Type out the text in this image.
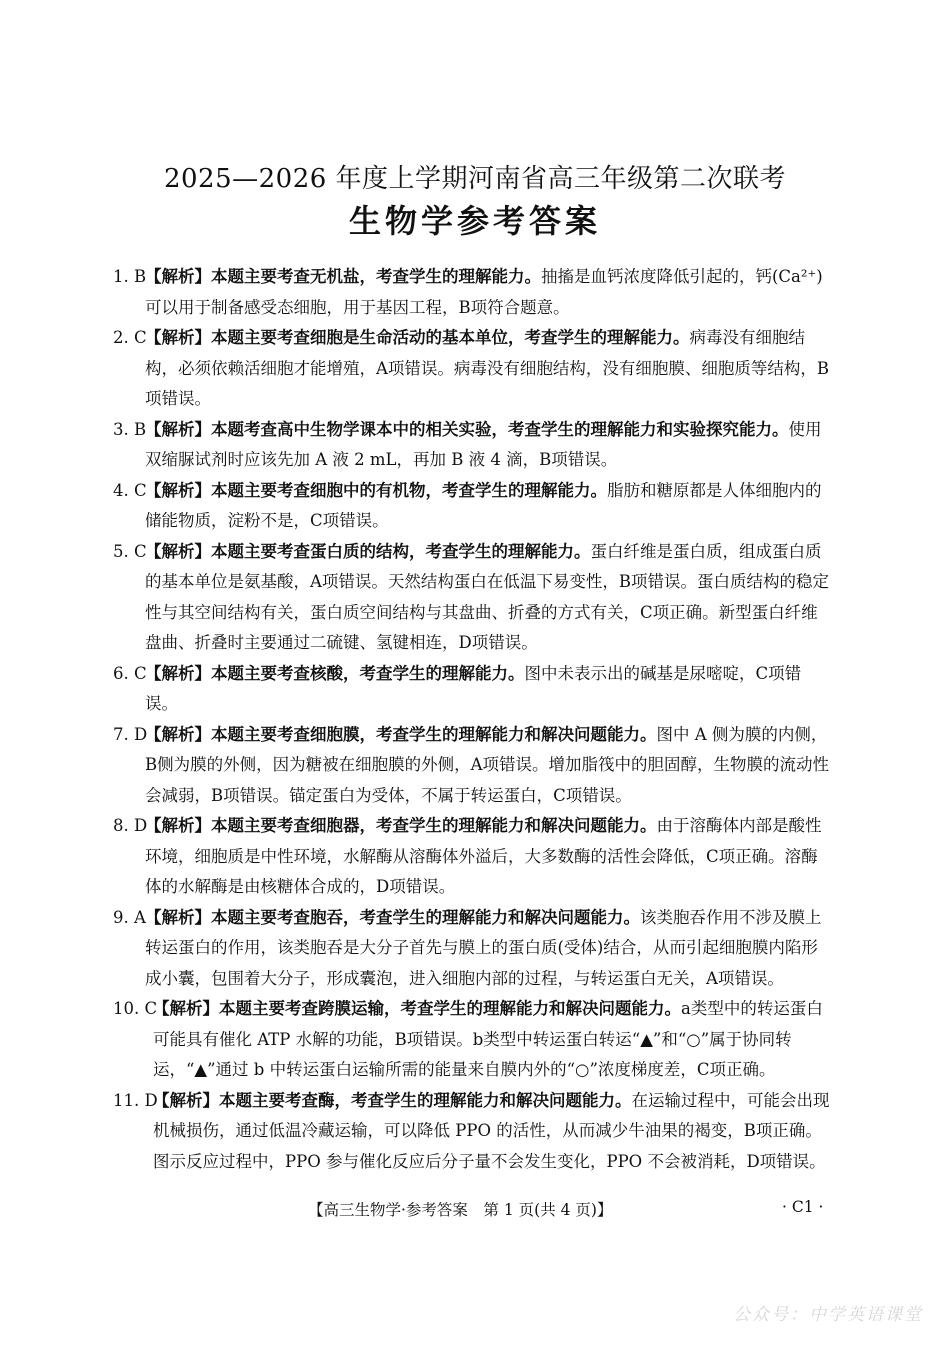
2025—2026 年度上学期河南省高三年级第二次联考
生物学参考答案
1. B
【解析】本题主要考查无机盐，考查学生的理解能力。抽搐是血钙浓度降低引起的，钙(Ca²⁺)可以用于制备感受态细胞，用于基因工程，B项符合题意。
2. C
【解析】本题主要考查细胞是生命活动的基本单位，考查学生的理解能力。病毒没有细胞结构，必须依赖活细胞才能增殖，A项错误。病毒没有细胞结构，没有细胞膜、细胞质等结构，B项错误。
3. B
【解析】本题考查高中生物学课本中的相关实验，考查学生的理解能力和实验探究能力。使用双缩脲试剂时应该先加 A 液 2 mL，再加 B 液 4 滴，B项错误。
4. C
【解析】本题主要考查细胞中的有机物，考查学生的理解能力。脂肪和糖原都是人体细胞内的储能物质，淀粉不是，C项错误。
5. C
【解析】本题主要考查蛋白质的结构，考查学生的理解能力。蛋白纤维是蛋白质，组成蛋白质的基本单位是氨基酸，A项错误。天然结构蛋白在低温下易变性，B项错误。蛋白质结构的稳定性与其空间结构有关，蛋白质空间结构与其盘曲、折叠的方式有关，C项正确。新型蛋白纤维盘曲、折叠时主要通过二硫键、氢键相连，D项错误。
6. C
【解析】本题主要考查核酸，考查学生的理解能力。图中未表示出的碱基是尿嘧啶，C项错误。
7. D
【解析】本题主要考查细胞膜，考查学生的理解能力和解决问题能力。图中 A 侧为膜的内侧，B侧为膜的外侧，因为糖被在细胞膜的外侧，A项错误。增加脂筏中的胆固醇，生物膜的流动性会减弱，B项错误。锚定蛋白为受体，不属于转运蛋白，C项错误。
8. D
【解析】本题主要考查细胞器，考查学生的理解能力和解决问题能力。由于溶酶体内部是酸性环境，细胞质是中性环境，水解酶从溶酶体外溢后，大多数酶的活性会降低，C项正确。溶酶体的水解酶是由核糖体合成的，D项错误。
9. A 【解析】本题主要考查胞吞，考查学生的理解能力和解决问题能力。该类胞吞作用不涉及膜上转运蛋白的作用，该类胞吞是大分子首先与膜上的蛋白质(受体)结合，从而引起细胞膜内陷形成小囊，包围着大分子，形成囊泡，进入细胞内部的过程，与转运蛋白无关，A项错误。
10. C
【解析】本题主要考查跨膜运输，考查学生的理解能力和解决问题能力。a类型中的转运蛋白可能具有催化 ATP 水解的功能，B项错误。b类型中转运蛋白转运“▲”和“○”属于协同转运，“▲”通过 b 中转运蛋白运输所需的能量来自膜内外的“○”浓度梯度差，C项正确。
11. D
【解析】本题主要考查酶，考查学生的理解能力和解决问题能力。在运输过程中，可能会出现机械损伤，通过低温冷藏运输，可以降低 PPO 的活性，从而减少牛油果的褐变，B项正确。图示反应过程中，PPO 参与催化反应后分子量不会发生变化，PPO 不会被消耗，D项错误。
【高三生物学·参考答案　第 1 页(共 4 页)】	· C1 ·
公众号：中学英语课堂
